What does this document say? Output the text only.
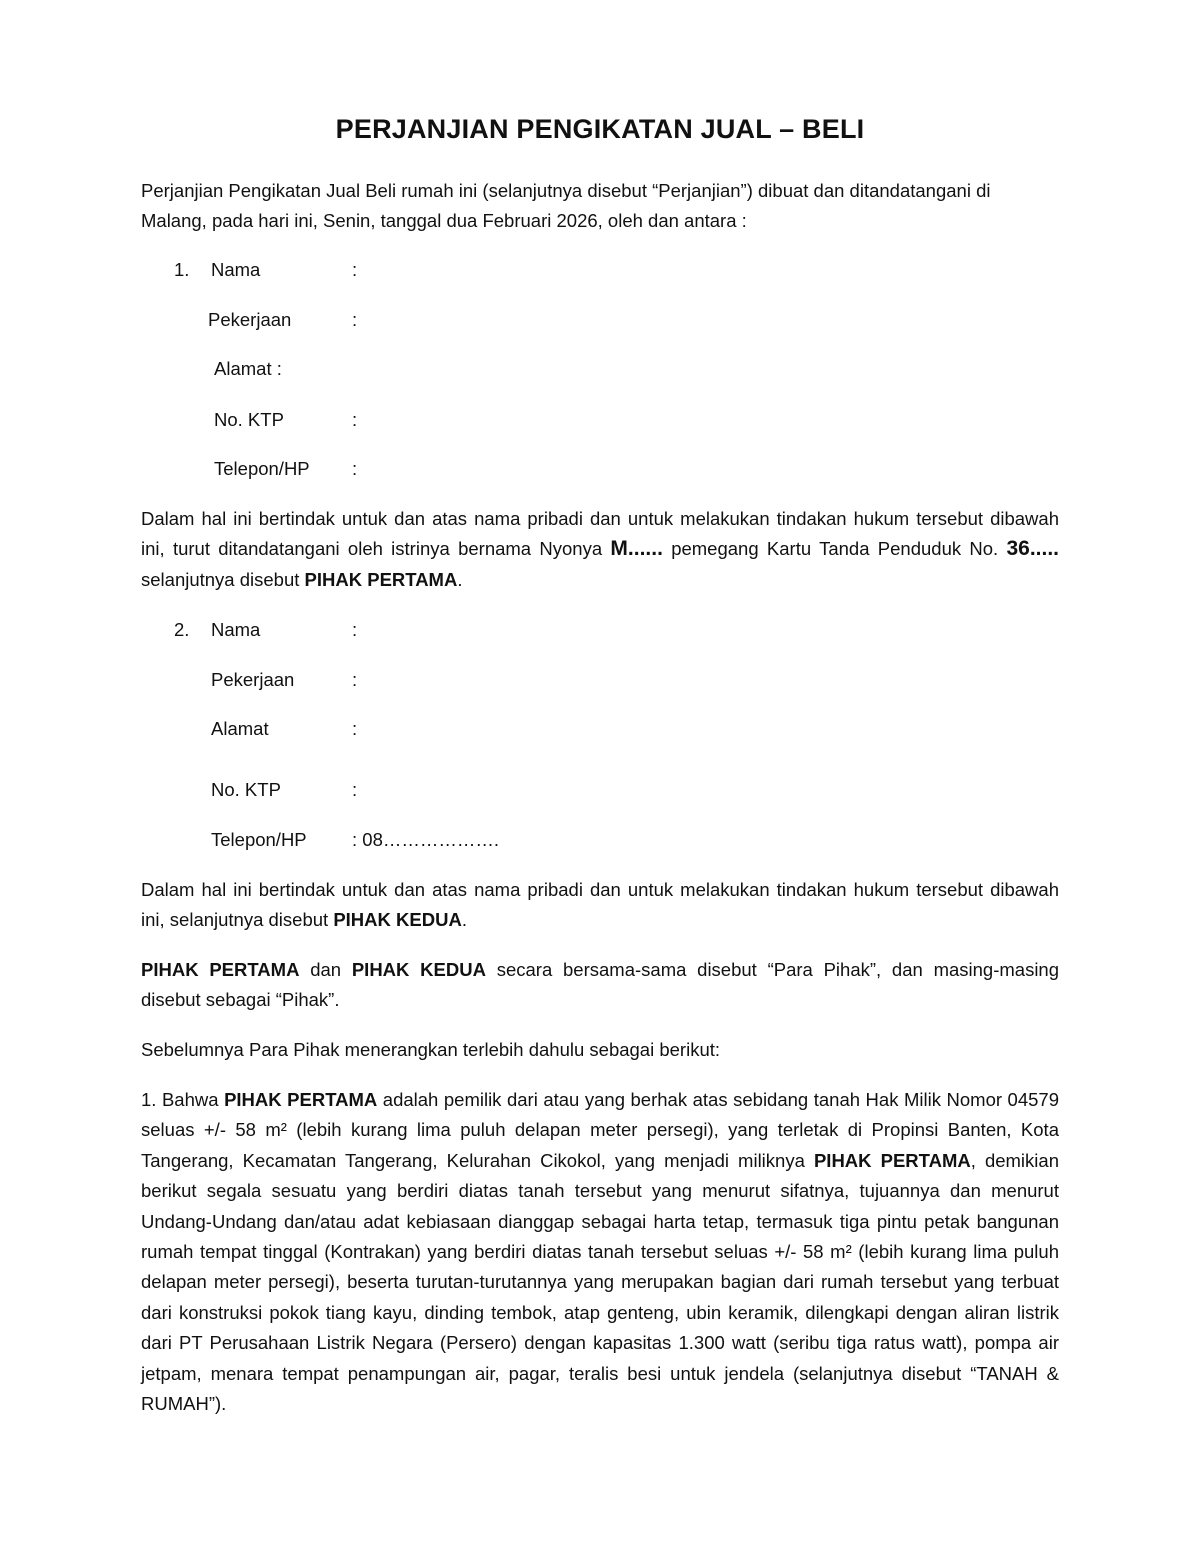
PERJANJIAN PENGIKATAN JUAL – BELI
Perjanjian Pengikatan Jual Beli rumah ini (selanjutnya disebut “Perjanjian”) dibuat dan ditandatangani di Malang, pada hari ini, Senin, tanggal dua Februari 2026, oleh dan antara :
1. Nama	:
Pekerjaan	:
Alamat :
No. KTP	:
Telepon/HP :
Dalam hal ini bertindak untuk dan atas nama pribadi dan untuk melakukan tindakan hukum tersebut dibawah ini, turut ditandatangani oleh istrinya bernama Nyonya M...... pemegang Kartu Tanda Penduduk No. 36..... selanjutnya disebut PIHAK PERTAMA.
2. Nama	:
Pekerjaan	:
Alamat	:
No. KTP	:
Telepon/HP : 08……………….
Dalam hal ini bertindak untuk dan atas nama pribadi dan untuk melakukan tindakan hukum tersebut dibawah ini, selanjutnya disebut PIHAK KEDUA.
PIHAK PERTAMA dan PIHAK KEDUA secara bersama-sama disebut “Para Pihak”, dan masing-masing disebut sebagai “Pihak”.
Sebelumnya Para Pihak menerangkan terlebih dahulu sebagai berikut:
1. Bahwa PIHAK PERTAMA adalah pemilik dari atau yang berhak atas sebidang tanah Hak Milik Nomor 04579 seluas +/- 58 m² (lebih kurang lima puluh delapan meter persegi), yang terletak di Propinsi Banten, Kota Tangerang, Kecamatan Tangerang, Kelurahan Cikokol, yang menjadi miliknya PIHAK PERTAMA, demikian berikut segala sesuatu yang berdiri diatas tanah tersebut yang menurut sifatnya, tujuannya dan menurut Undang-Undang dan/atau adat kebiasaan dianggap sebagai harta tetap, termasuk tiga pintu petak bangunan rumah tempat tinggal (Kontrakan) yang berdiri diatas tanah tersebut seluas +/- 58 m² (lebih kurang lima puluh delapan meter persegi), beserta turutan-turutannya yang merupakan bagian dari rumah tersebut yang terbuat dari konstruksi pokok tiang kayu, dinding tembok, atap genteng, ubin keramik, dilengkapi dengan aliran listrik dari PT Perusahaan Listrik Negara (Persero) dengan kapasitas 1.300 watt (seribu tiga ratus watt), pompa air jetpam, menara tempat penampungan air, pagar, teralis besi untuk jendela (selanjutnya disebut “TANAH & RUMAH”).
